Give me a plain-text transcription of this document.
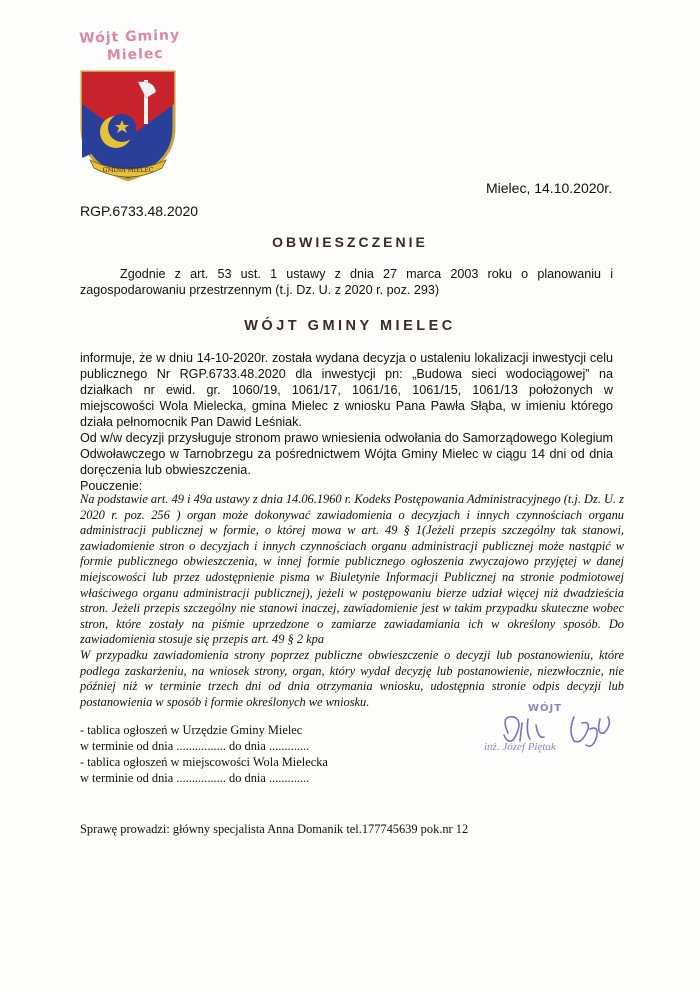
Wójt Gminy
Mielec
GMINA MIELEC
Mielec, 14.10.2020r.
RGP.6733.48.2020
OBWIESZCZENIE
Zgodnie z art. 53 ust. 1 ustawy z dnia 27 marca 2003 roku o planowaniu i zagospodarowaniu przestrzennym (t.j. Dz. U. z 2020 r. poz. 293)
WÓJT GMINY MIELEC
informuje, że w dniu 14-10-2020r. została wydana decyzja o ustaleniu lokalizacji inwestycji celu publicznego Nr RGP.6733.48.2020 dla inwestycji pn: „Budowa sieci wodociągowej” na działkach nr ewid. gr. 1060/19, 1061/17, 1061/16, 1061/15, 1061/13 położonych w miejscowości Wola Mielecka, gmina Mielec z wniosku Pana Pawła Słąba, w imieniu którego działa pełnomocnik Pan Dawid Leśniak.
Od w/w decyzji przysługuje stronom prawo wniesienia odwołania do Samorządowego Kolegium Odwoławczego w Tarnobrzegu za pośrednictwem Wójta Gminy Mielec w ciągu 14 dni od dnia doręczenia lub obwieszczenia.
Pouczenie:
Na podstawie art. 49 i 49a ustawy z dnia 14.06.1960 r. Kodeks Postępowania Administracyjnego (t.j. Dz. U. z 2020 r. poz. 256 ) organ może dokonywać zawiadomienia o decyzjach i innych czynnościach organu administracji publicznej w formie, o której mowa w art. 49 § 1(Jeżeli przepis szczególny tak stanowi, zawiadomienie stron o decyzjach i innych czynnościach organu administracji publicznej może nastąpić w formie publicznego obwieszczenia, w innej formie publicznego ogłoszenia zwyczajowo przyjętej w danej miejscowości lub przez udostępnienie pisma w Biuletynie Informacji Publicznej na stronie podmiotowej właściwego organu administracji publicznej), jeżeli w postępowaniu bierze udział więcej niż dwadzieścia stron. Jeżeli przepis szczególny nie stanowi inaczej, zawiadomienie jest w takim przypadku skuteczne wobec stron, które zostały na piśmie uprzedzone o zamiarze zawiadamiania ich w określony sposób. Do zawiadomienia stosuje się przepis art. 49 § 2 kpa
W przypadku zawiadomienia strony poprzez publiczne obwieszczenie o decyzji lub postanowieniu, które podlega zaskarżeniu, na wniosek strony, organ, który wydał decyzję lub postanowienie, niezwłocznie, nie później niż w terminie trzech dni od dnia otrzymania wniosku, udostępnia stronie odpis decyzji lub postanowienia w sposób i formie określonych we wniosku.
- tablica ogłoszeń w Urzędzie Gminy Mielec
w terminie od dnia ................ do dnia .............
- tablica ogłoszeń w miejscowości Wola Mielecka
w terminie od dnia ................ do dnia .............
WÓJT
inż. Józef Piętak
Sprawę prowadzi: główny specjalista Anna Domanik tel.177745639 pok.nr 12
